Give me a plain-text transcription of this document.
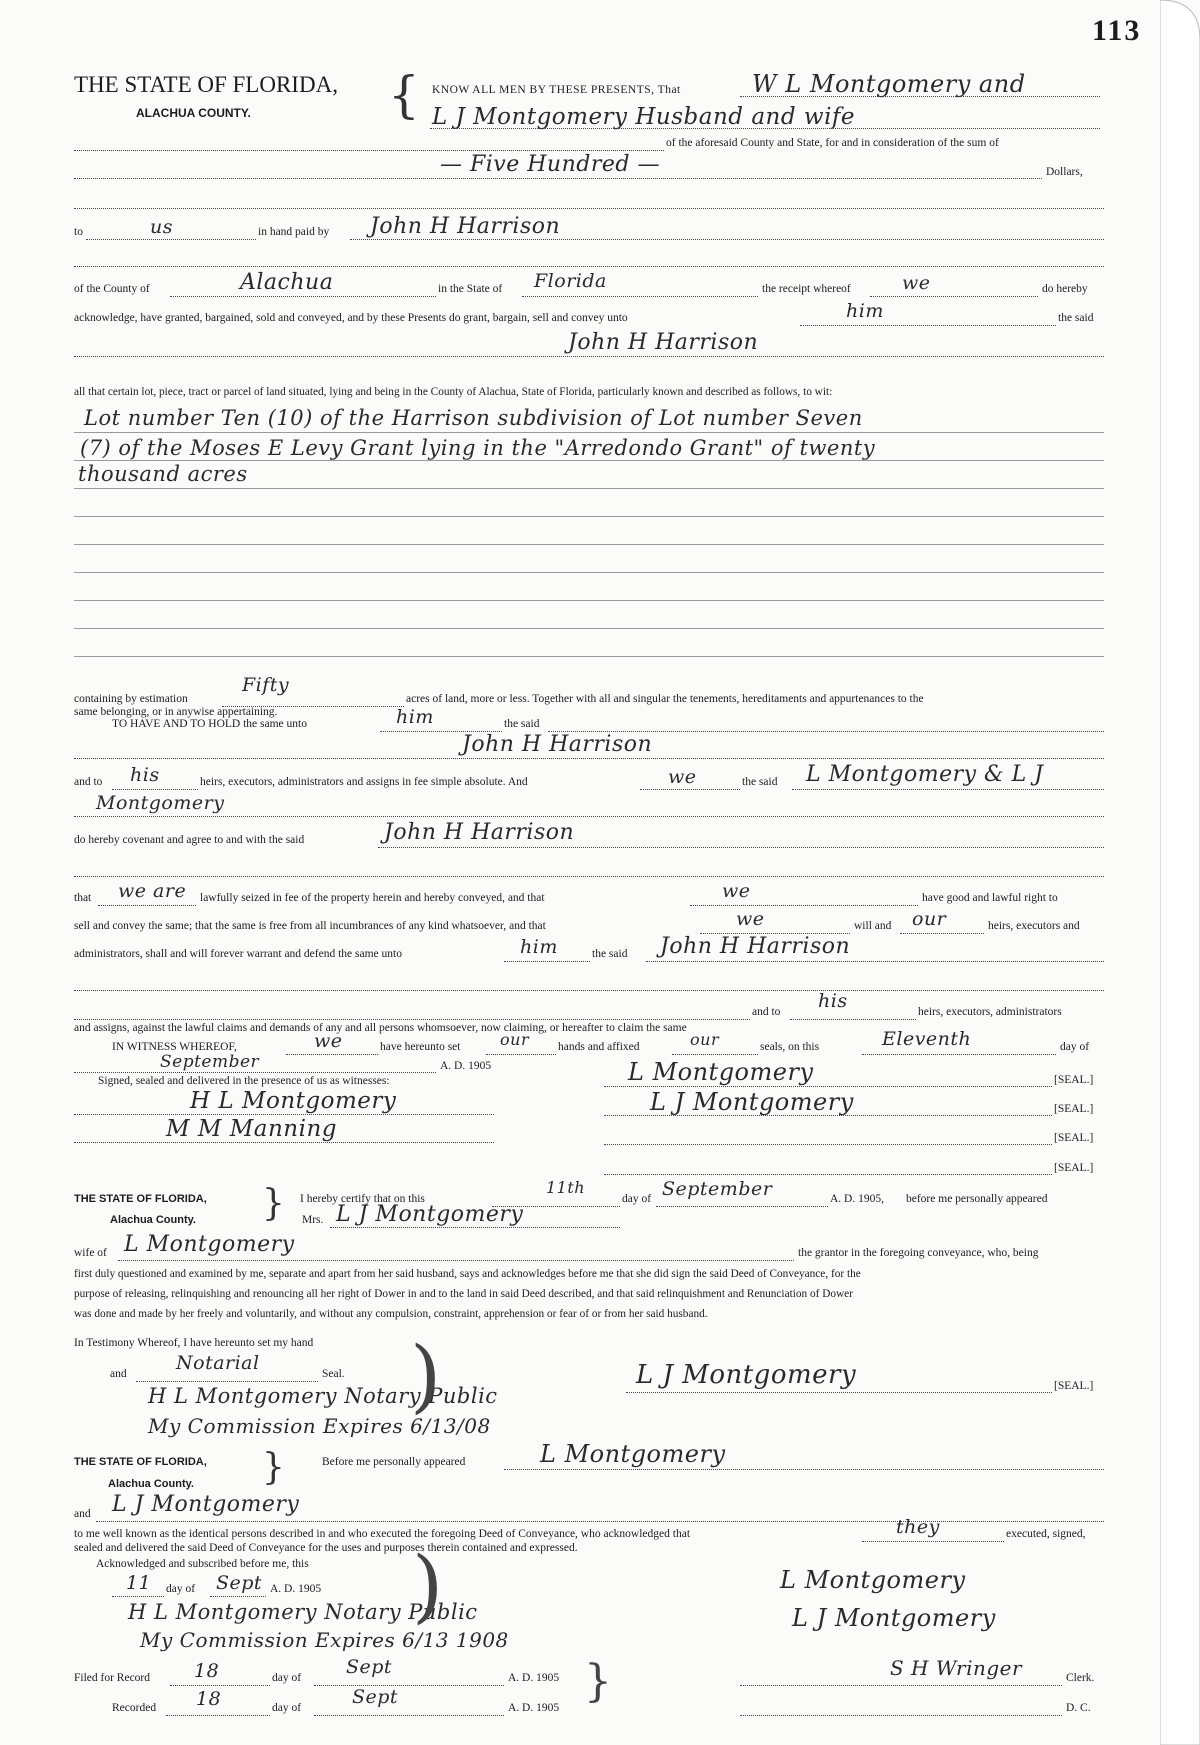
113
THE STATE OF FLORIDA,
ALACHUA COUNTY.	{ KNOW ALL MEN BY THESE PRESENTS, That	W L Montgomery and
L J Montgomery Husband and wife
of the aforesaid County and State, for and in consideration of the sum of
— Five Hundred —	Dollars,
to	us	in hand paid by John H Harrison
of the County of	Alachua	in the State of Florida	the receipt whereof	we	do hereby
acknowledge, have granted, bargained, sold and conveyed, and by these Presents do grant, bargain, sell and convey unto	him	the said
John H Harrison
all that certain lot, piece, tract or parcel of land situated, lying and being in the County of Alachua, State of Florida, particularly known and described as follows, to wit:
Lot number Ten (10) of the Harrison subdivision of Lot number Seven
(7) of the Moses E Levy Grant lying in the "Arredondo Grant" of twenty
thousand acres
containing by estimation
Fifty
acres of land, more or less. Together with all and singular the tenements, hereditaments and appurtenances to the
same belonging, or in anywise appertaining.
TO HAVE AND TO HOLD the same unto	him	the said
John H Harrison
and to his	heirs, executors, administrators and assigns in fee simple absolute. And	we	the said L Montgomery & L J
Montgomery
do hereby covenant and agree to and with the said	John H Harrison
that we are lawfully seized in fee of the property herein and hereby conveyed, and that	we	have good and lawful right to
sell and convey the same; that the same is free from all incumbrances of any kind whatsoever, and that	we	will and our	heirs, executors and
administrators, shall and will forever warrant and defend the same unto	him	the said John H Harrison
and to his	heirs, executors, administrators
and assigns, against the lawful claims and demands of any and all persons whomsoever, now claiming, or hereafter to claim the same
IN WITNESS WHEREOF,	we	have hereunto set our	hands and affixed	our	seals, on this	Eleventh	day of
September	A. D. 1905
Signed, sealed and delivered in the presence of us as witnesses:
H L Montgomery
M M Manning
L Montgomery	[SEAL.]
L J Montgomery	[SEAL.]
[SEAL.]
[SEAL.]
THE STATE OF FLORIDA,
Alachua County. } I hereby certify that on this
11th
day of September	A. D. 1905, before me personally appeared
Mrs. L J Montgomery
wife of L Montgomery	the grantor in the foregoing conveyance, who, being
first duly questioned and examined by me, separate and apart from her said husband, says and acknowledges before me that she did sign the said Deed of Conveyance, for the
purpose of releasing, relinquishing and renouncing all her right of Dower in and to the land in said Deed described, and that said relinquishment and Renunciation of Dower
was done and made by her freely and voluntarily, and without any compulsion, constraint, apprehension or fear of or from her said husband.
In Testimony Whereof, I have hereunto set my hand
and	Notarial	Seal.
H L Montgomery Notary Public
My Commission Expires 6/13/08
)	L J Montgomery	[SEAL.]
THE STATE OF FLORIDA,
Alachua County. }	Before me personally appeared	L Montgomery
and L J Montgomery
to me well known as the identical persons described in and who executed the foregoing Deed of Conveyance, who acknowledged that	they	executed, signed,
sealed and delivered the said Deed of Conveyance for the uses and purposes therein contained and expressed.
Acknowledged and subscribed before me, this
11 day of Sept A. D. 1905
H L Montgomery Notary Public
My Commission Expires 6/13 1908
)	L Montgomery
L J Montgomery
Filed for Record 18	day of Sept	A. D. 1905
Recorded 18	day of	Sept	A. D. 1905
}	S H Wringer	Clerk.
D. C.
